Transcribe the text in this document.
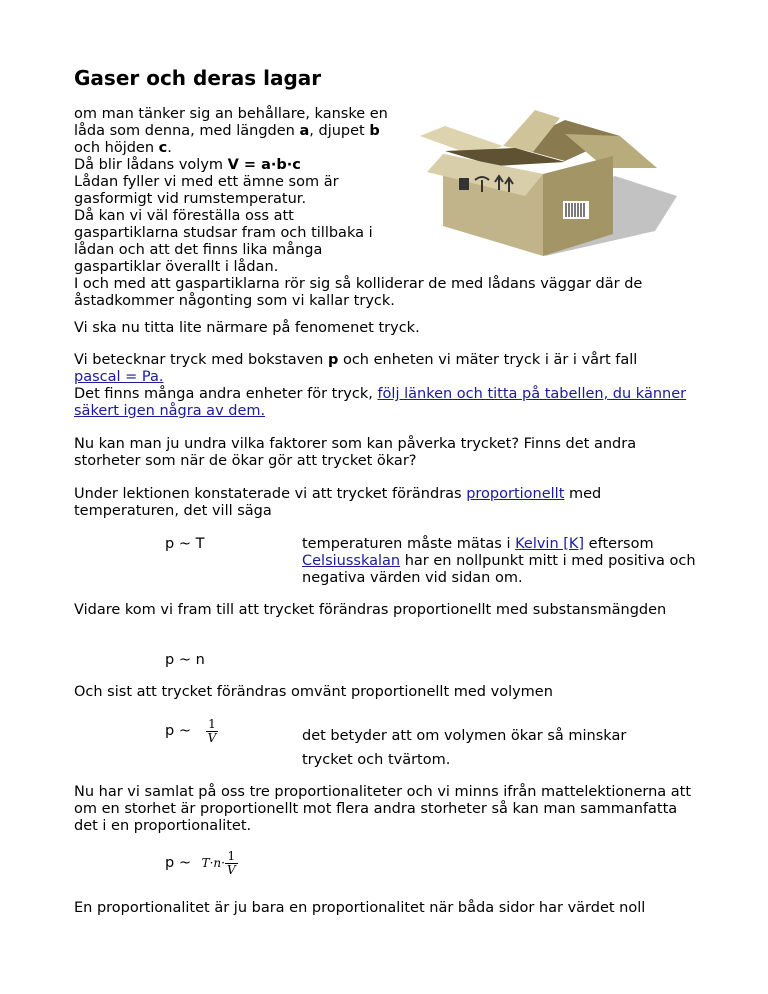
Gaser och deras lagar
om man tänker sig an behållare, kanske en
låda som denna, med längden a, djupet b
och höjden c.
Då blir lådans volym V = a·b·c
Lådan fyller vi med ett ämne som är
gasformigt vid rumstemperatur.
Då kan vi väl föreställa oss att
gaspartiklarna studsar fram och tillbaka i
lådan och att det finns lika många
gaspartiklar överallt i lådan.
I och med att gaspartiklarna rör sig så kolliderar de med lådans väggar där de
åstadkommer någonting som vi kallar tryck.
Vi ska nu titta lite närmare på fenomenet tryck.
Vi betecknar tryck med bokstaven p och enheten vi mäter tryck i är i vårt fall
pascal = Pa.
Det finns många andra enheter för tryck, följ länken och titta på tabellen, du känner säkert igen några av dem.
Nu kan man ju undra vilka faktorer som kan påverka trycket? Finns det andra storheter som när de ökar gör att trycket ökar?
Under lektionen konstaterade vi att trycket förändras proportionellt med temperaturen, det vill säga
p ~ T	temperaturen måste mätas i Kelvin [K] eftersom
Celsiusskalan har en nollpunkt mitt i med positiva och negativa värden vid sidan om.
Vidare kom vi fram till att trycket förändras proportionellt med substansmängden
p ~ n
Och sist att trycket förändras omvänt proportionellt med volymen
p ~ $\frac{1}{V}$	det betyder att om volymen ökar så minskar
trycket och tvärtom.
Nu har vi samlat på oss tre proportionaliteter och vi minns ifrån mattelektionerna att om en storhet är proportionellt mot flera andra storheter så kan man sammanfatta det i en proportionalitet.
p ~ $T\cdot n\cdot \frac{1}{V}$
En proportionalitet är ju bara en proportionalitet när båda sidor har värdet noll
